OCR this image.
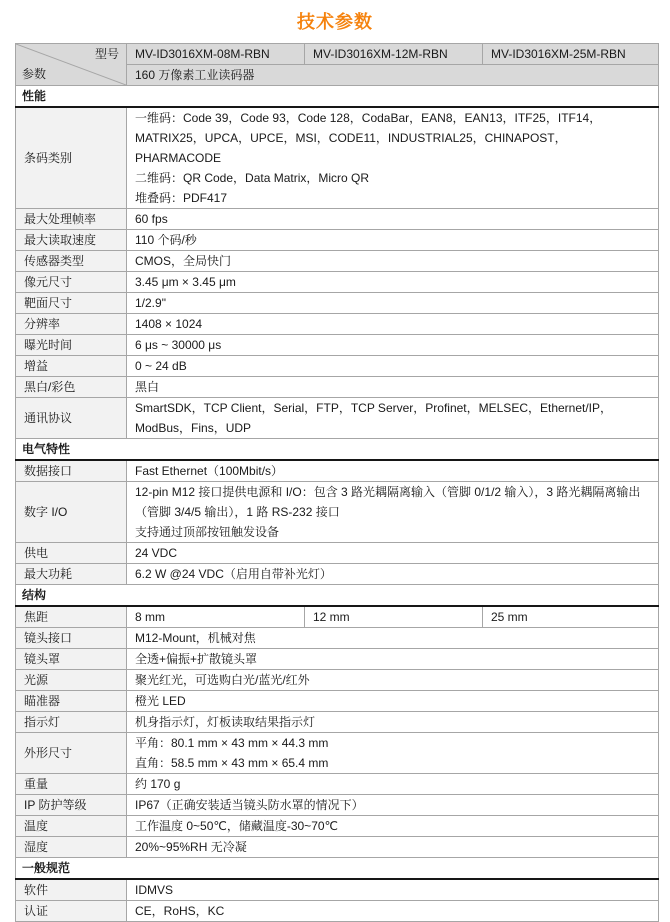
技术参数
型号
参数	MV-ID3016XM-08M-RBN	MV-ID3016XM-12M-RBN	MV-ID3016XM-25M-RBN
	160 万像素工业读码器		
性能			
条码类别	一维码：Code 39，Code 93，Code 128，CodaBar，EAN8，EAN13，ITF25，ITF14，MATRIX25，UPCA，UPCE，MSI，CODE11，INDUSTRIAL25，CHINAPOST，PHARMACODE
二维码：QR Code，Data Matrix，Micro QR
堆叠码：PDF417		

最大处理帧率	60 fps		

最大读取速度	110 个码/秒		

传感器类型	CMOS，全局快门		

像元尺寸	3.45 μm × 3.45 μm		

靶面尺寸	1/2.9"		

分辨率	1408 × 1024		

曝光时间	6 μs ~ 30000 μs		

增益	0 ~ 24 dB		

黑白/彩色	黑白		

通讯协议	SmartSDK，TCP Client，Serial，FTP，TCP Server，Profinet，MELSEC，Ethernet/IP，ModBus，Fins，UDP		

电气特性			
数据接口	Fast Ethernet（100Mbit/s）		

数字 I/O	12-pin M12 接口提供电源和 I/O：包含 3 路光耦隔离输入（管脚 0/1/2 输入），3 路光耦隔离输出（管脚 3/4/5 输出），1 路 RS-232 接口
支持通过顶部按钮触发设备		

供电	24 VDC		

最大功耗	6.2 W @24 VDC（启用自带补光灯）		

结构			
焦距	8 mm	12 mm	25 mm
镜头接口	M12-Mount，机械对焦		

镜头罩	全透+偏振+扩散镜头罩		

光源	聚光红光，可选购白光/蓝光/红外		

瞄准器	橙光 LED		

指示灯	机身指示灯，灯板读取结果指示灯		

外形尺寸	平角：80.1 mm × 43 mm × 44.3 mm
直角：58.5 mm × 43 mm × 65.4 mm		

重量	约 170 g		

IP 防护等级	IP67（正确安装适当镜头防水罩的情况下）		

温度	工作温度 0~50℃，储藏温度-30~70℃		

湿度	20%~95%RH 无冷凝		

一般规范			
软件	IDMVS		

认证	CE，RoHS，KC		
